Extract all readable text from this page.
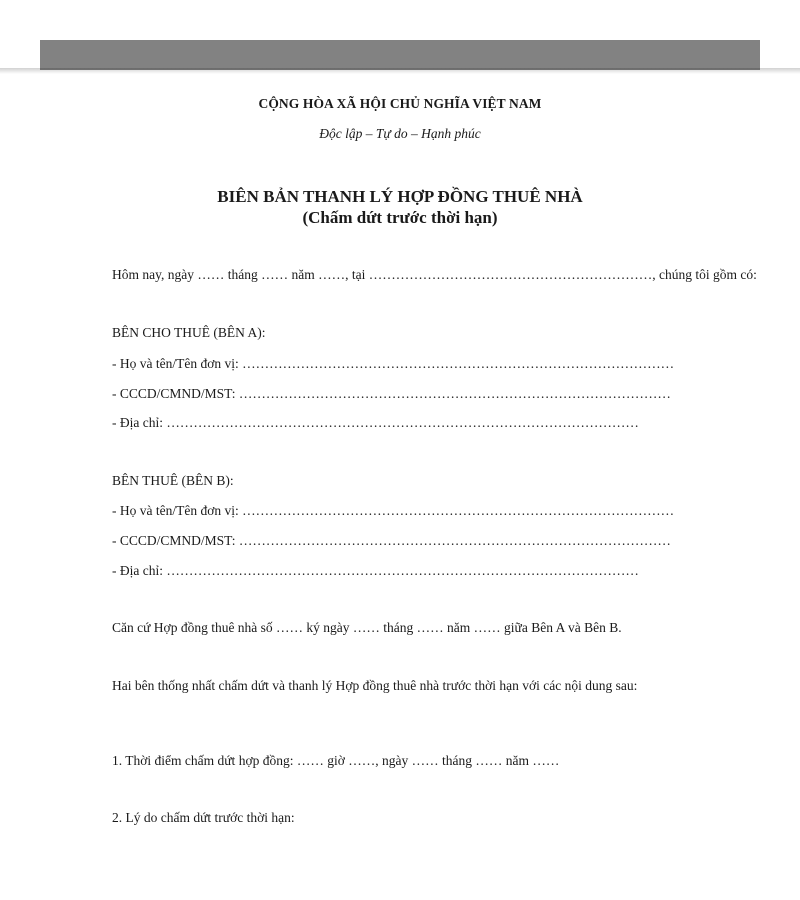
CỘNG HÒA XÃ HỘI CHỦ NGHĨA VIỆT NAM
Độc lập – Tự do – Hạnh phúc
BIÊN BẢN THANH LÝ HỢP ĐỒNG THUÊ NHÀ
(Chấm dứt trước thời hạn)
Hôm nay, ngày …… tháng …… năm ……, tại ………………………………………………………, chúng tôi gồm có:
BÊN CHO THUÊ (BÊN A):
- Họ và tên/Tên đơn vị: ……………………………………………………………………………………
- CCCD/CMND/MST: ……………………………………………………………………………………
- Địa chỉ: ……………………………………………………………………………………………
BÊN THUÊ (BÊN B):
- Họ và tên/Tên đơn vị: ……………………………………………………………………………………
- CCCD/CMND/MST: ……………………………………………………………………………………
- Địa chỉ: ……………………………………………………………………………………………
Căn cứ Hợp đồng thuê nhà số …… ký ngày …… tháng …… năm …… giữa Bên A và Bên B.
Hai bên thống nhất chấm dứt và thanh lý Hợp đồng thuê nhà trước thời hạn với các nội dung sau:
1. Thời điểm chấm dứt hợp đồng: …… giờ ……, ngày …… tháng …… năm ……
2. Lý do chấm dứt trước thời hạn:
